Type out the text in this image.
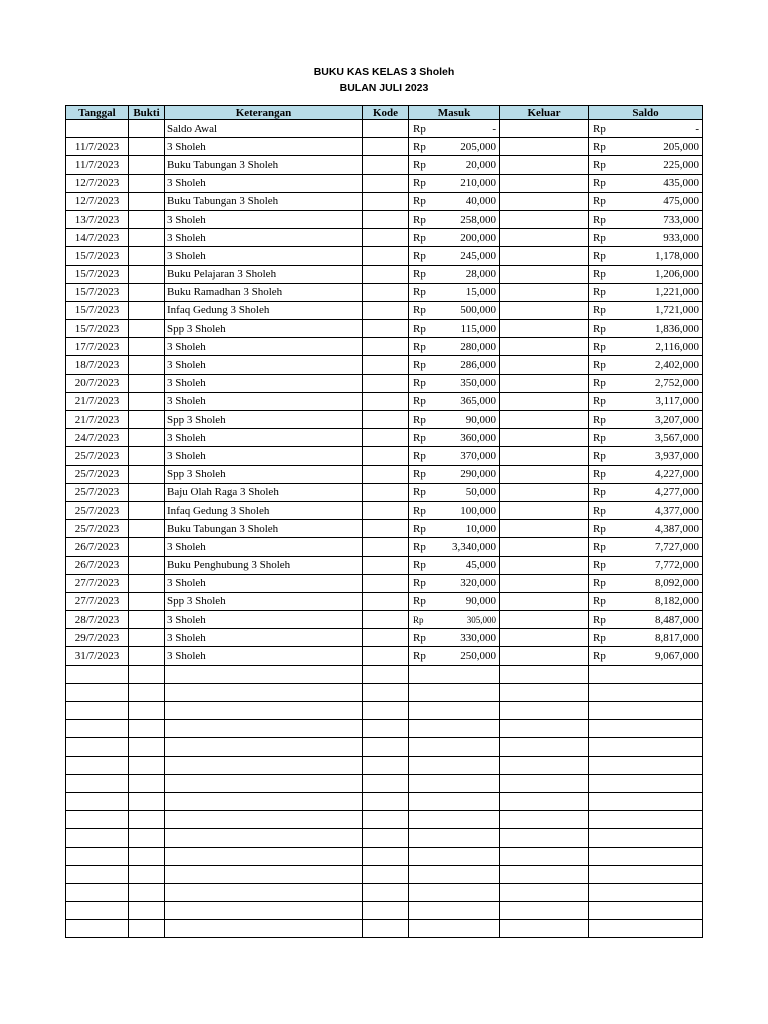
BUKU KAS KELAS 3 Sholeh
BULAN JULI 2023
Tanggal	Bukti	Keterangan	Kode	Masuk	Keluar	Saldo
		Saldo Awal		Rp -		Rp -

11/7/2023		3 Sholeh		Rp 205,000		Rp 205,000

11/7/2023		Buku Tabungan 3 Sholeh		Rp 20,000		Rp 225,000

12/7/2023		3 Sholeh		Rp 210,000		Rp 435,000

12/7/2023		Buku Tabungan 3 Sholeh		Rp 40,000		Rp 475,000

13/7/2023		3 Sholeh		Rp 258,000		Rp 733,000

14/7/2023		3 Sholeh		Rp 200,000		Rp 933,000

15/7/2023		3 Sholeh		Rp 245,000		Rp 1,178,000

15/7/2023		Buku Pelajaran 3 Sholeh		Rp 28,000		Rp 1,206,000

15/7/2023		Buku Ramadhan 3 Sholeh		Rp 15,000		Rp 1,221,000

15/7/2023		Infaq Gedung 3 Sholeh		Rp 500,000		Rp 1,721,000

15/7/2023		Spp 3 Sholeh		Rp 115,000		Rp 1,836,000

17/7/2023		3 Sholeh		Rp 280,000		Rp 2,116,000

18/7/2023		3 Sholeh		Rp 286,000		Rp 2,402,000

20/7/2023		3 Sholeh		Rp 350,000		Rp 2,752,000

21/7/2023		3 Sholeh		Rp 365,000		Rp 3,117,000

21/7/2023		Spp 3 Sholeh		Rp 90,000		Rp 3,207,000

24/7/2023		3 Sholeh		Rp 360,000		Rp 3,567,000

25/7/2023		3 Sholeh		Rp 370,000		Rp 3,937,000

25/7/2023		Spp 3 Sholeh		Rp 290,000		Rp 4,227,000

25/7/2023		Baju Olah Raga 3 Sholeh		Rp 50,000		Rp 4,277,000

25/7/2023		Infaq Gedung 3 Sholeh		Rp 100,000		Rp 4,377,000

25/7/2023		Buku Tabungan 3 Sholeh		Rp 10,000		Rp 4,387,000

26/7/2023		3 Sholeh		Rp 3,340,000		Rp 7,727,000

26/7/2023		Buku Penghubung 3 Sholeh		Rp 45,000		Rp 7,772,000

27/7/2023		3 Sholeh		Rp 320,000		Rp 8,092,000

27/7/2023		Spp 3 Sholeh		Rp 90,000		Rp 8,182,000

28/7/2023		3 Sholeh		Rp 305,000		Rp 8,487,000

29/7/2023		3 Sholeh		Rp 330,000		Rp 8,817,000

31/7/2023		3 Sholeh		Rp 250,000		Rp 9,067,000
